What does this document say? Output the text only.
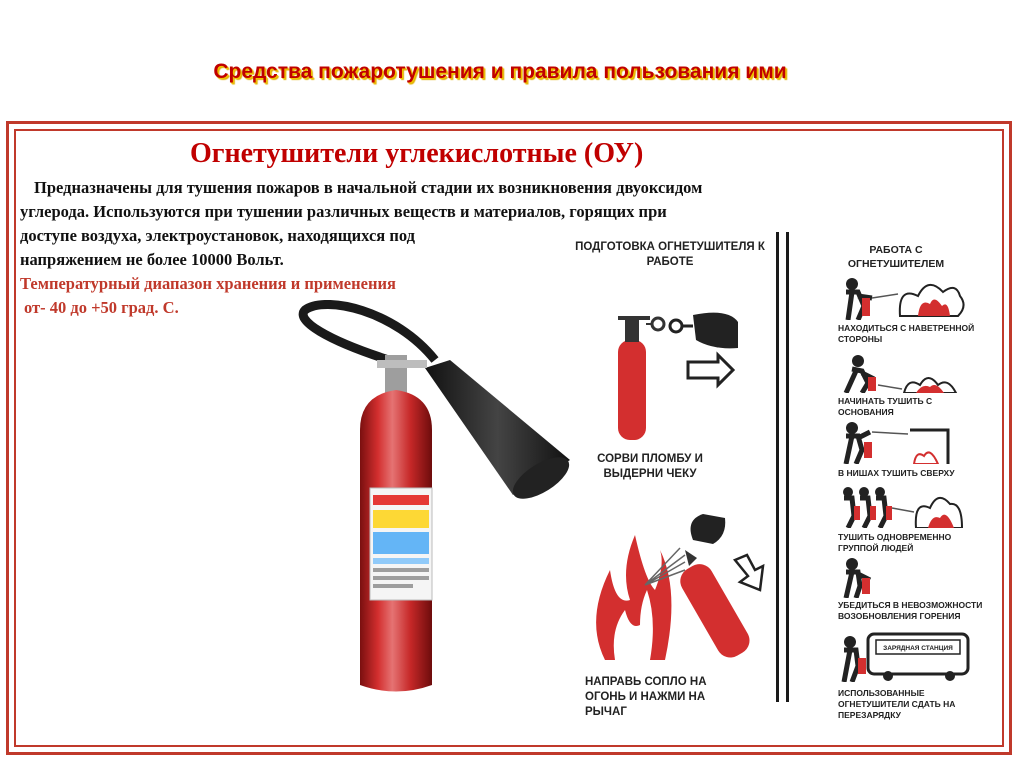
Средства пожаротушения и правила пользования ими
Огнетушители углекислотные (ОУ)
Предназначены для тушения пожаров в начальной стадии их возникновения двуоксидом
углерода. Используются при тушении различных веществ и материалов, горящих при
доступе воздуха, электроустановок, находящихся под
напряжением не более 10000 Вольт.
Температурный диапазон хранения и применения
от- 40 до +50 град. С.
ПОДГОТОВКА ОГНЕТУШИТЕЛЯ К РАБОТЕ
СОРВИ ПЛОМБУ И ВЫДЕРНИ ЧЕКУ
НАПРАВЬ СОПЛО НА ОГОНЬ И НАЖМИ НА РЫЧАГ
РАБОТА С ОГНЕТУШИТЕЛЕМ
НАХОДИТЬСЯ С НАВЕТРЕННОЙ СТОРОНЫ
НАЧИНАТЬ ТУШИТЬ С ОСНОВАНИЯ
В НИШАХ ТУШИТЬ СВЕРХУ
ТУШИТЬ ОДНОВРЕМЕННО ГРУППОЙ ЛЮДЕЙ
УБЕДИТЬСЯ В НЕВОЗМОЖНОСТИ ВОЗОБНОВЛЕНИЯ ГОРЕНИЯ
ЗАРЯДНАЯ СТАНЦИЯ
ИСПОЛЬЗОВАННЫЕ ОГНЕТУШИТЕЛИ СДАТЬ НА ПЕРЕЗАРЯДКУ
